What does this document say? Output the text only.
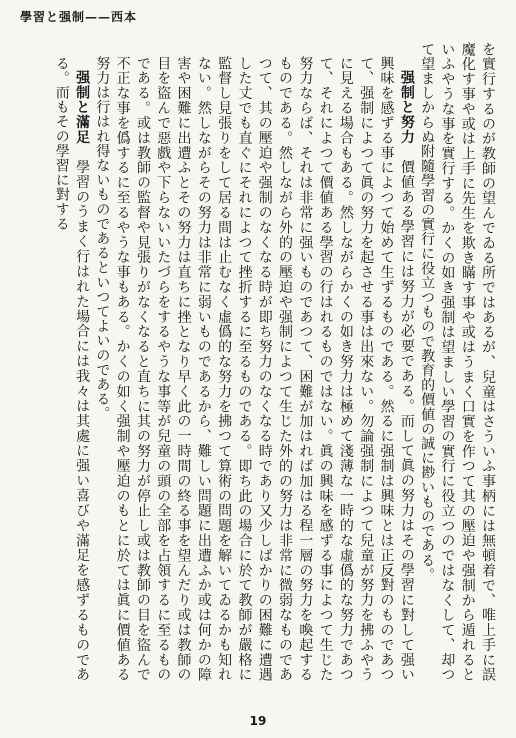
學習と强制——西本

を實行するのが教師の望んでゐる所ではあるが、兒童はさういふ事柄には無頓着で、唯上手に誤魔化す事や或は上手に先生を欺き瞞す事や或はうまく口實を作つて其の壓迫や强制から遁れるといふやうな事を實行する。かくの如き强制は望ましい學習の實行に役立つのではなくして、却つて望ましからぬ附隨學習の實行に役立つもので教育的價値の誠に尠いものである。

强制と努力　價値ある學習には努力が必要である。而して眞の努力はその學習に對して强い興味を感ずる事によつて始めて生ずるものである。然るに强制は興味とは正反對のものであつて、强制によつて眞の努力を起させる事は出來ない。勿論强制によつて兒童が努力を拂ふやうに見える場合もある。然しながらかくの如き努力は極めて淺薄な一時的な虛僞的な努力であつて、それによつて價値ある學習の行はれるものではない。眞の興味を感ずる事によつて生じた努力ならば、それは非常に强いものであつて、困難が加はれば加はる程一層の努力を喚起するものである。然しながら外的の壓迫や强制によつて生じた外的の努力は非常に微弱なものであつて、其の壓迫や强制のなくなる時が即ち努力のなくなる時であり又少しばかりの困難に遭遇した丈でも直ぐにそれによつて挫折するに至るものである。即ち此の場合に於て教師が嚴格に監督し見張りをして居る間は止むなく虛僞的な努力を拂つて算術の問題を解いてゐるかも知れない。然しながらその努力は非常に弱いものであるから、難しい問題に出遭ふか或は何かの障害や困難に出遭ふとその努力は直ちに挫となり早く此の一時間の終る事を望んだり或は教師の目を盜んで惡戲や下らないいたづらをするやうな事等が兒童の頭の全部を占領するに至るものである。或は教師の監督や見張りがなくなると直ちに其の努力が停止し或は教師の目を盜んで不正な事を僞するに至るやうな事もある。かくの如く强制や壓迫のもとに於ては眞に價値ある努力は行はれ得ないものであるといつてよいのである。

强制と滿足　學習のうまく行はれた場合には我々は其處に强い喜びや滿足を感ずるものである。而もその學習に對する

19
